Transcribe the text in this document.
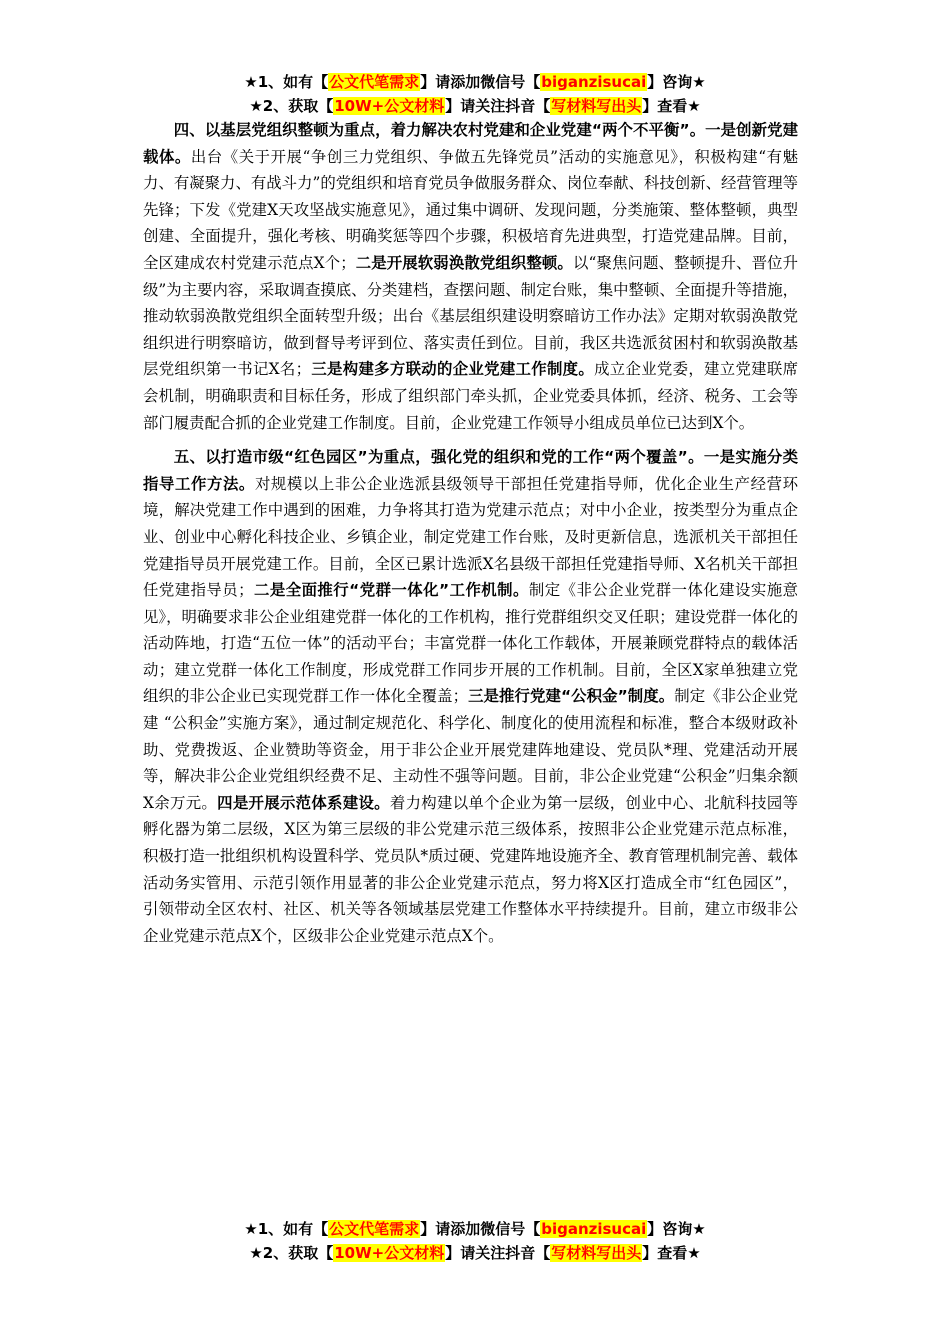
★1、如有【公文代笔需求】请添加微信号【biganzisucai】咨询★
★2、获取【10W+公文材料】请关注抖音【写材料写出头】查看★

四、以基层党组织整顿为重点，着力解决农村党建和企业党建“两个不平衡”。一是创新党建载体。出台《关于开展“争创三力党组织、争做五先锋党员”活动的实施意见》，积极构建“有魅力、有凝聚力、有战斗力”的党组织和培育党员争做服务群众、岗位奉献、科技创新、经营管理等先锋；下发《党建X天攻坚战实施意见》，通过集中调研、发现问题，分类施策、整体整顿，典型创建、全面提升，强化考核、明确奖惩等四个步骤，积极培育先进典型，打造党建品牌。目前，全区建成农村党建示范点X个；二是开展软弱涣散党组织整顿。以“聚焦问题、整顿提升、晋位升级”为主要内容，采取调查摸底、分类建档，查摆问题、制定台账，集中整顿、全面提升等措施，推动软弱涣散党组织全面转型升级；出台《基层组织建设明察暗访工作办法》定期对软弱涣散党组织进行明察暗访，做到督导考评到位、落实责任到位。目前，我区共选派贫困村和软弱涣散基层党组织第一书记X名；三是构建多方联动的企业党建工作制度。成立企业党委，建立党建联席会机制，明确职责和目标任务，形成了组织部门牵头抓，企业党委具体抓，经济、税务、工会等部门履责配合抓的企业党建工作制度。目前，企业党建工作领导小组成员单位已达到X个。

五、以打造市级“红色园区”为重点，强化党的组织和党的工作“两个覆盖”。一是实施分类指导工作方法。对规模以上非公企业选派县级领导干部担任党建指导师，优化企业生产经营环境，解决党建工作中遇到的困难，力争将其打造为党建示范点；对中小企业，按类型分为重点企业、创业中心孵化科技企业、乡镇企业，制定党建工作台账，及时更新信息，选派机关干部担任党建指导员开展党建工作。目前，全区已累计选派X名县级干部担任党建指导师、X名机关干部担任党建指导员；二是全面推行“党群一体化”工作机制。制定《非公企业党群一体化建设实施意见》，明确要求非公企业组建党群一体化的工作机构，推行党群组织交叉任职；建设党群一体化的活动阵地，打造“五位一体”的活动平台；丰富党群一体化工作载体，开展兼顾党群特点的载体活动；建立党群一体化工作制度，形成党群工作同步开展的工作机制。目前，全区X家单独建立党组织的非公企业已实现党群工作一体化全覆盖；三是推行党建“公积金”制度。制定《非公企业党建 “公积金”实施方案》，通过制定规范化、科学化、制度化的使用流程和标准，整合本级财政补助、党费拨返、企业赞助等资金，用于非公企业开展党建阵地建设、党员队*理、党建活动开展等，解决非公企业党组织经费不足、主动性不强等问题。目前，非公企业党建“公积金”归集余额X余万元。四是开展示范体系建设。着力构建以单个企业为第一层级，创业中心、北航科技园等孵化器为第二层级，X区为第三层级的非公党建示范三级体系，按照非公企业党建示范点标准，积极打造一批组织机构设置科学、党员队*质过硬、党建阵地设施齐全、教育管理机制完善、载体活动务实管用、示范引领作用显著的非公企业党建示范点，努力将X区打造成全市“红色园区”，引领带动全区农村、社区、机关等各领域基层党建工作整体水平持续提升。目前，建立市级非公企业党建示范点X个，区级非公企业党建示范点X个。

★1、如有【公文代笔需求】请添加微信号【biganzisucai】咨询★
★2、获取【10W+公文材料】请关注抖音【写材料写出头】查看★
